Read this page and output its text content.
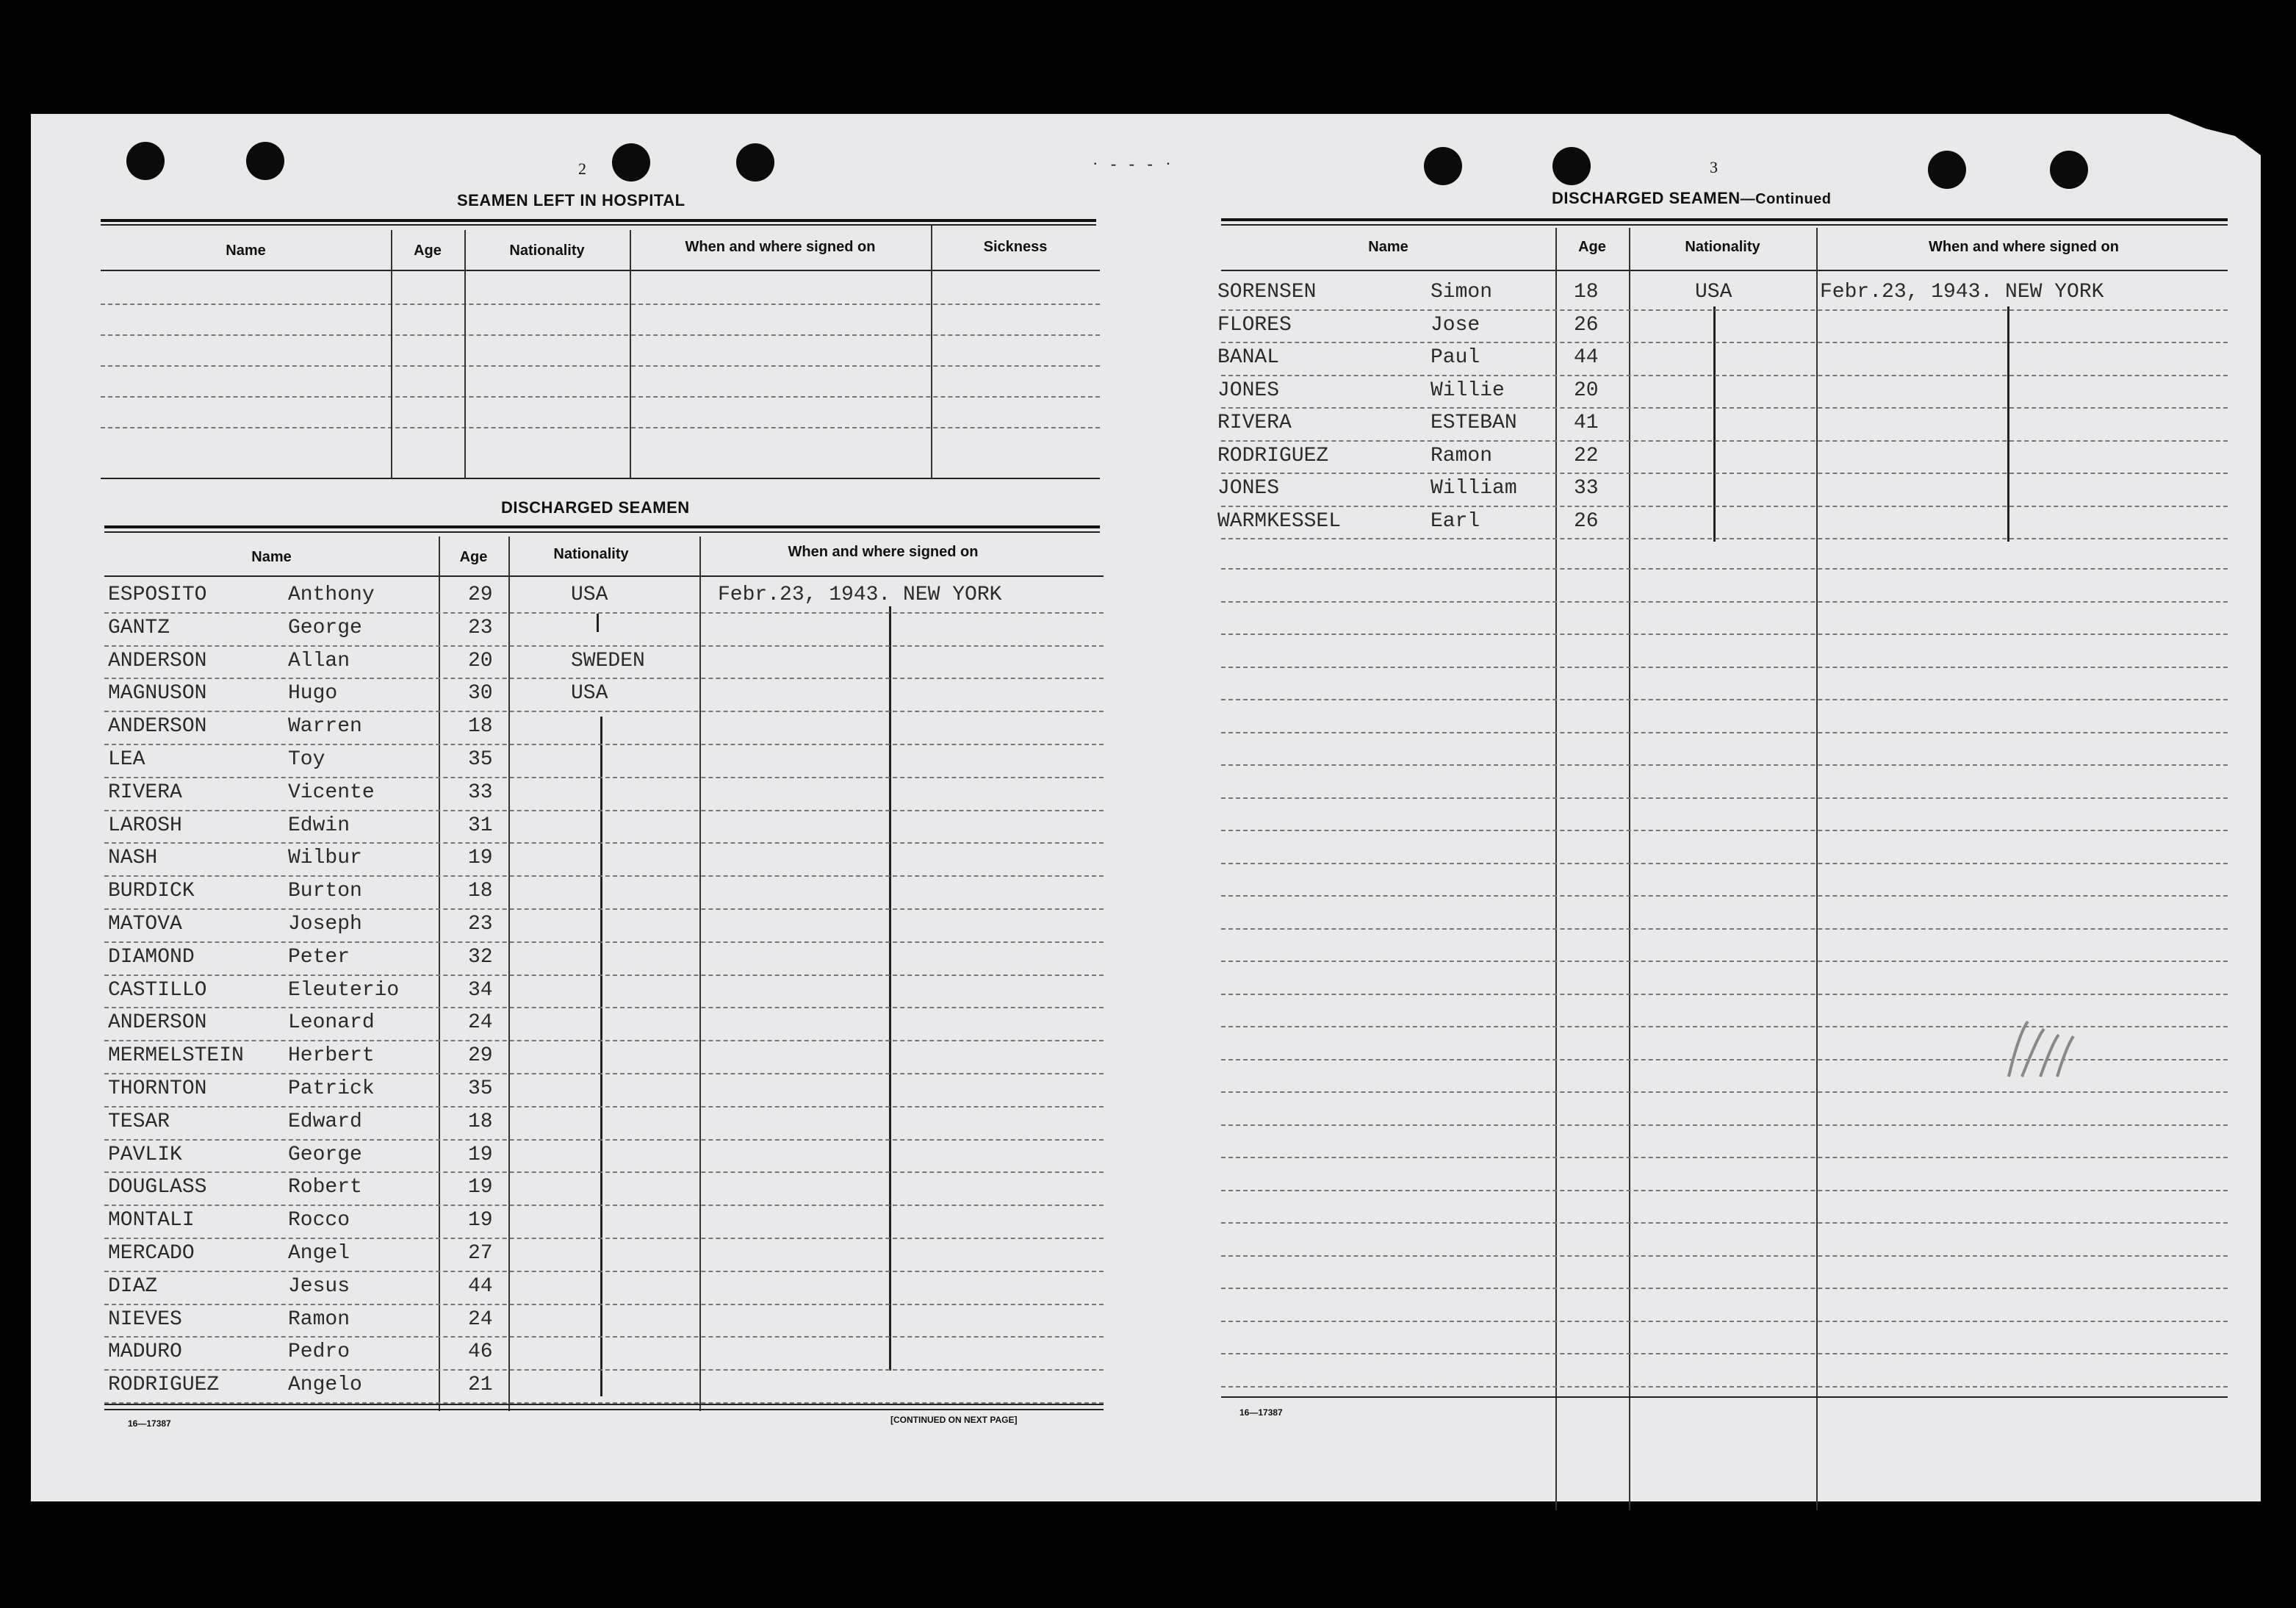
· ‑ ‑ ‑ ·
2
SEAMEN LEFT IN HOSPITAL
Name	Age	Nationality	When and where signed on	Sickness
DISCHARGED SEAMEN
Name	Age	Nationality	When and where signed on
ESPOSITO	Anthony	29	USA	Febr.23, 1943. NEW YORK
GANTZ	George	23
ANDERSON	Allan	20	SWEDEN
MAGNUSON	Hugo	30	USA
ANDERSON	Warren	18
LEA	Toy	35
RIVERA	Vicente	33
LAROSH	Edwin	31
NASH	Wilbur	19
BURDICK	Burton	18
MATOVA	Joseph	23
DIAMOND	Peter	32
CASTILLO	Eleuterio	34
ANDERSON	Leonard	24
MERMELSTEIN Herbert	29
THORNTON	Patrick	35
TESAR	Edward	18
PAVLIK	George	19
DOUGLASS	Robert	19
MONTALI	Rocco	19
MERCADO	Angel	27
DIAZ	Jesus	44
NIEVES	Ramon	24
MADURO	Pedro	46
RODRIGUEZ	Angelo	21
16—17387	[CONTINUED ON NEXT PAGE]
3
DISCHARGED SEAMEN—Continued
Name	Age	Nationality	When and where signed on
SORENSEN	Simon	18	USA	Febr.23, 1943. NEW YORK
FLORES	Jose	26
BANAL	Paul	44
JONES	Willie	20
RIVERA	ESTEBAN	41
RODRIGUEZ	Ramon	22
JONES	William	33
WARMKESSEL	Earl	26
16—17387
